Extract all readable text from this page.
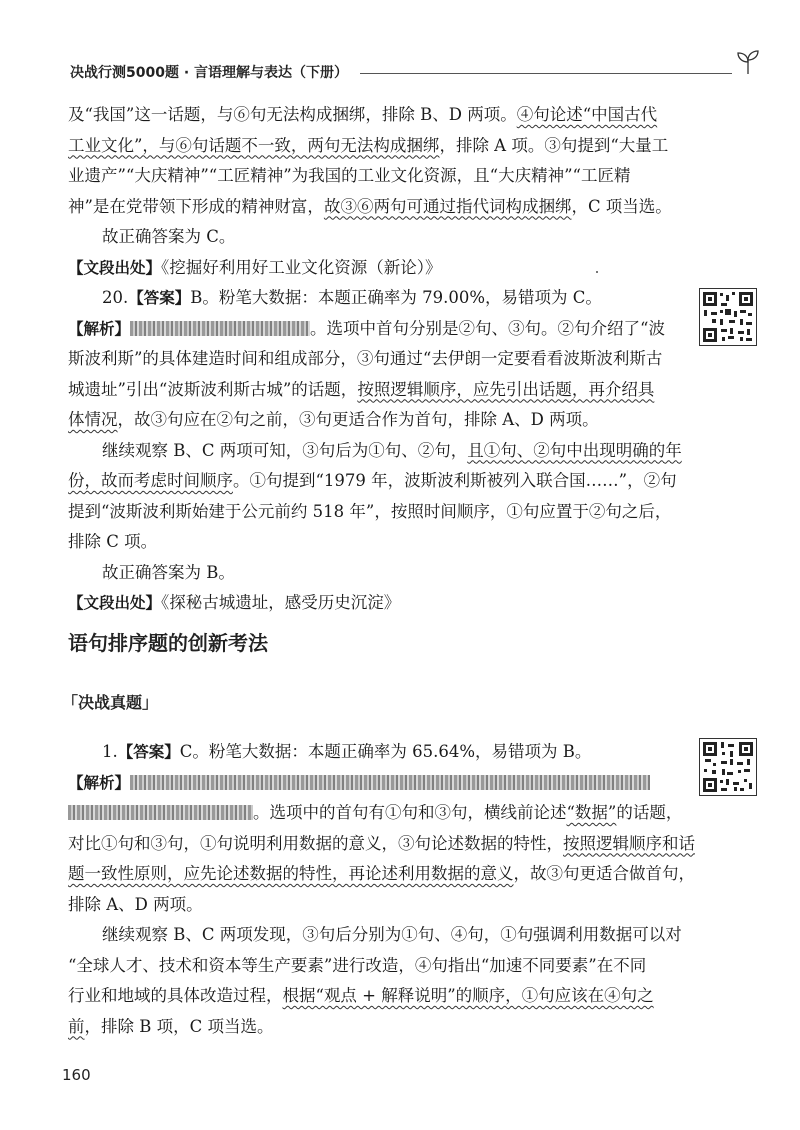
决战行测5000题 · 言语理解与表达（下册）

及“我国”这一话题，与⑥句无法构成捆绑，排除 B、D 两项。④句论述“中国古代

工业文化”，与⑥句话题不一致，两句无法构成捆绑，排除 A 项。③句提到“大量工

业遗产”“大庆精神”“工匠精神”为我国的工业文化资源，且“大庆精神”“工匠精

神”是在党带领下形成的精神财富，故③⑥两句可通过指代词构成捆绑，C 项当选。

故正确答案为 C。

【文段出处】《挖掘好利用好工业文化资源（新论）》

20.【答案】B。粉笔大数据：本题正确率为 79.00%，易错项为 C。

【解析】	。选项中首句分别是②句、③句。②句介绍了“波

斯波利斯”的具体建造时间和组成部分，③句通过“去伊朗一定要看看波斯波利斯古

城遗址”引出“波斯波利斯古城”的话题，按照逻辑顺序，应先引出话题，再介绍具

体情况，故③句应在②句之前，③句更适合作为首句，排除 A、D 两项。

继续观察 B、C 两项可知，③句后为①句、②句，且①句、②句中出现明确的年

份，故而考虑时间顺序。①句提到“1979 年，波斯波利斯被列入联合国……”，②句

提到“波斯波利斯始建于公元前约 518 年”，按照时间顺序，①句应置于②句之后，

排除 C 项。

故正确答案为 B。

【文段出处】《探秘古城遗址，感受历史沉淀》

语句排序题的创新考法
「决战真题」

1.【答案】C。粉笔大数据：本题正确率为 65.64%，易错项为 B。

【解析】

。选项中的首句有①句和③句，横线前论述“数据”的话题，

对比①句和③句，①句说明利用数据的意义，③句论述数据的特性，按照逻辑顺序和话

题一致性原则，应先论述数据的特性，再论述利用数据的意义，故③句更适合做首句，

排除 A、D 两项。

继续观察 B、C 两项发现，③句后分别为①句、④句，①句强调利用数据可以对

“全球人才、技术和资本等生产要素”进行改造，④句指出“加速不同要素”在不同

行业和地域的具体改造过程，根据“观点 + 解释说明”的顺序，①句应该在④句之

前，排除 B 项，C 项当选。

160
